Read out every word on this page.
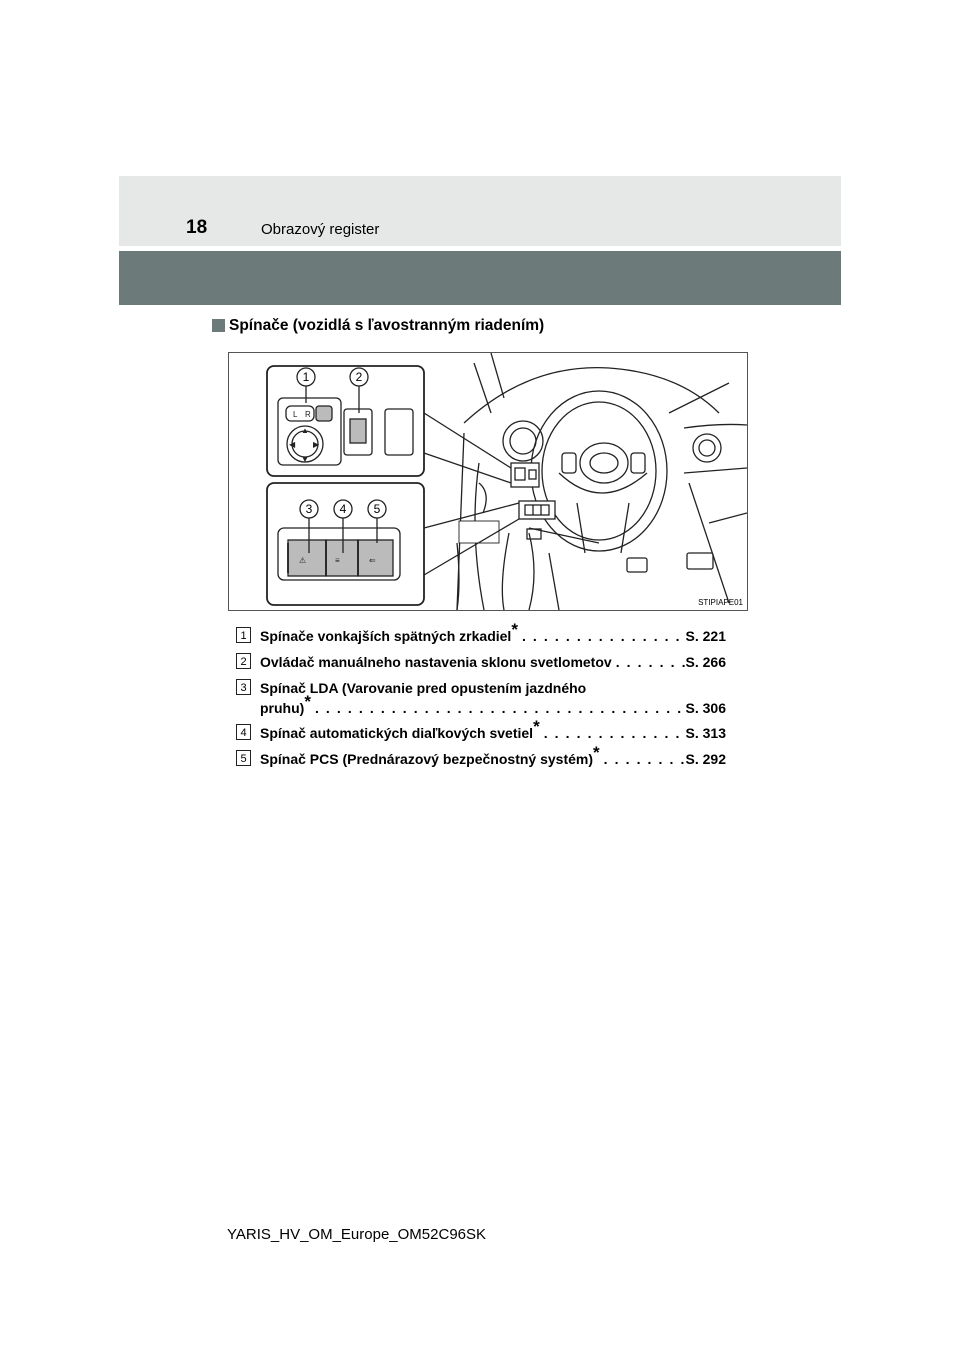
18	Obrazový register
Spínače (vozidlá s ľavostranným riadením)
L R
▲
▼
◀ ▶
⚠	≡	⇐
1	2
3 4 5
STIPIAPE01
1 Spínače vonkajších spätných zrkadiel* . . .	S. 221
2 Ovládač manuálneho nastavenia sklonu svetlometov . . .	S. 266
3 Spínač LDA (Varovanie pred opustením jazdného
pruhu)* . . .	S. 306
4 Spínač automatických diaľkových svetiel* . . .	S. 313
5 Spínač PCS (Prednárazový bezpečnostný systém)* . . .	S. 292
YARIS_HV_OM_Europe_OM52C96SK
